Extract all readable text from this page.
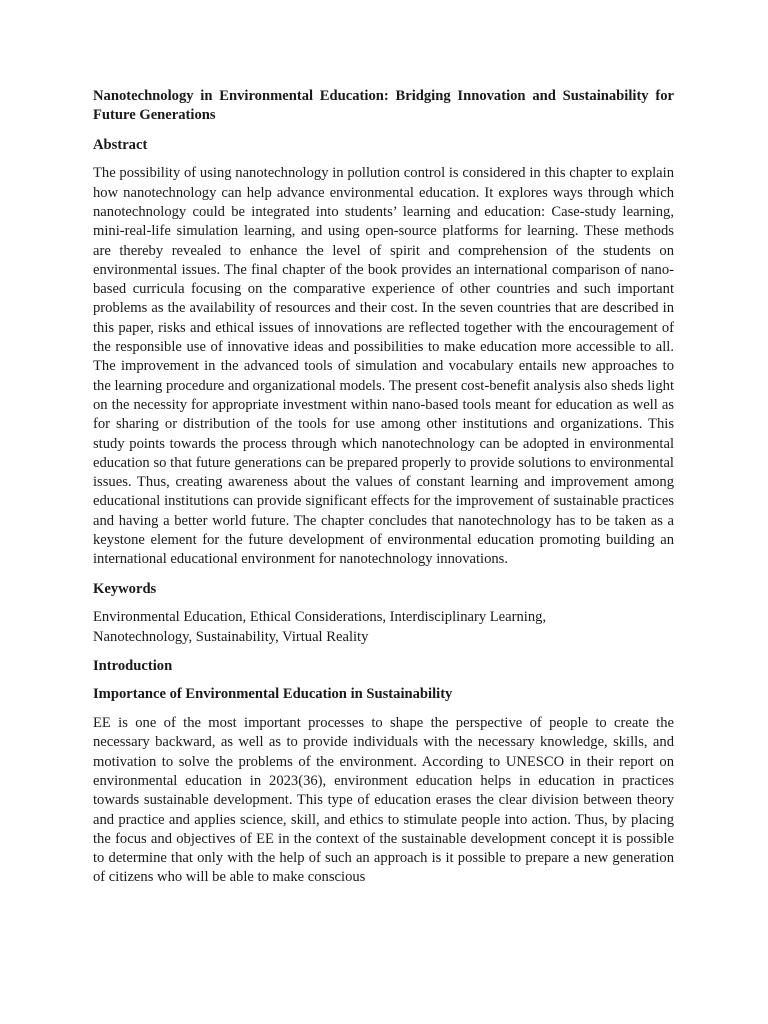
Nanotechnology in Environmental Education: Bridging Innovation and Sustainability for Future Generations

Abstract

The possibility of using nanotechnology in pollution control is considered in this chapter to explain how nanotechnology can help advance environmental education. It explores ways through which nanotechnology could be integrated into students’ learning and education: Case-study learning, mini-real-life simulation learning, and using open-source platforms for learning. These methods are thereby revealed to enhance the level of spirit and comprehension of the students on environmental issues. The final chapter of the book provides an international comparison of nano-based curricula focusing on the comparative experience of other countries and such important problems as the availability of resources and their cost. In the seven countries that are described in this paper, risks and ethical issues of innovations are reflected together with the encouragement of the responsible use of innovative ideas and possibilities to make education more accessible to all. The improvement in the advanced tools of simulation and vocabulary entails new approaches to the learning procedure and organizational models. The present cost-benefit analysis also sheds light on the necessity for appropriate investment within nano-based tools meant for education as well as for sharing or distribution of the tools for use among other institutions and organizations. This study points towards the process through which nanotechnology can be adopted in environmental education so that future generations can be prepared properly to provide solutions to environmental issues. Thus, creating awareness about the values of constant learning and improvement among educational institutions can provide significant effects for the improvement of sustainable practices and having a better world future. The chapter concludes that nanotechnology has to be taken as a keystone element for the future development of environmental education promoting building an international educational environment for nanotechnology innovations.

Keywords

Environmental Education, Ethical Considerations, Interdisciplinary Learning,
Nanotechnology, Sustainability, Virtual Reality

Introduction

Importance of Environmental Education in Sustainability

EE is one of the most important processes to shape the perspective of people to create the necessary backward, as well as to provide individuals with the necessary knowledge, skills, and motivation to solve the problems of the environment. According to UNESCO in their report on environmental education in 2023(36), environment education helps in education in practices towards sustainable development. This type of education erases the clear division between theory and practice and applies science, skill, and ethics to stimulate people into action. Thus, by placing the focus and objectives of EE in the context of the sustainable development concept it is possible to determine that only with the help of such an approach is it possible to prepare a new generation of citizens who will be able to make conscious
